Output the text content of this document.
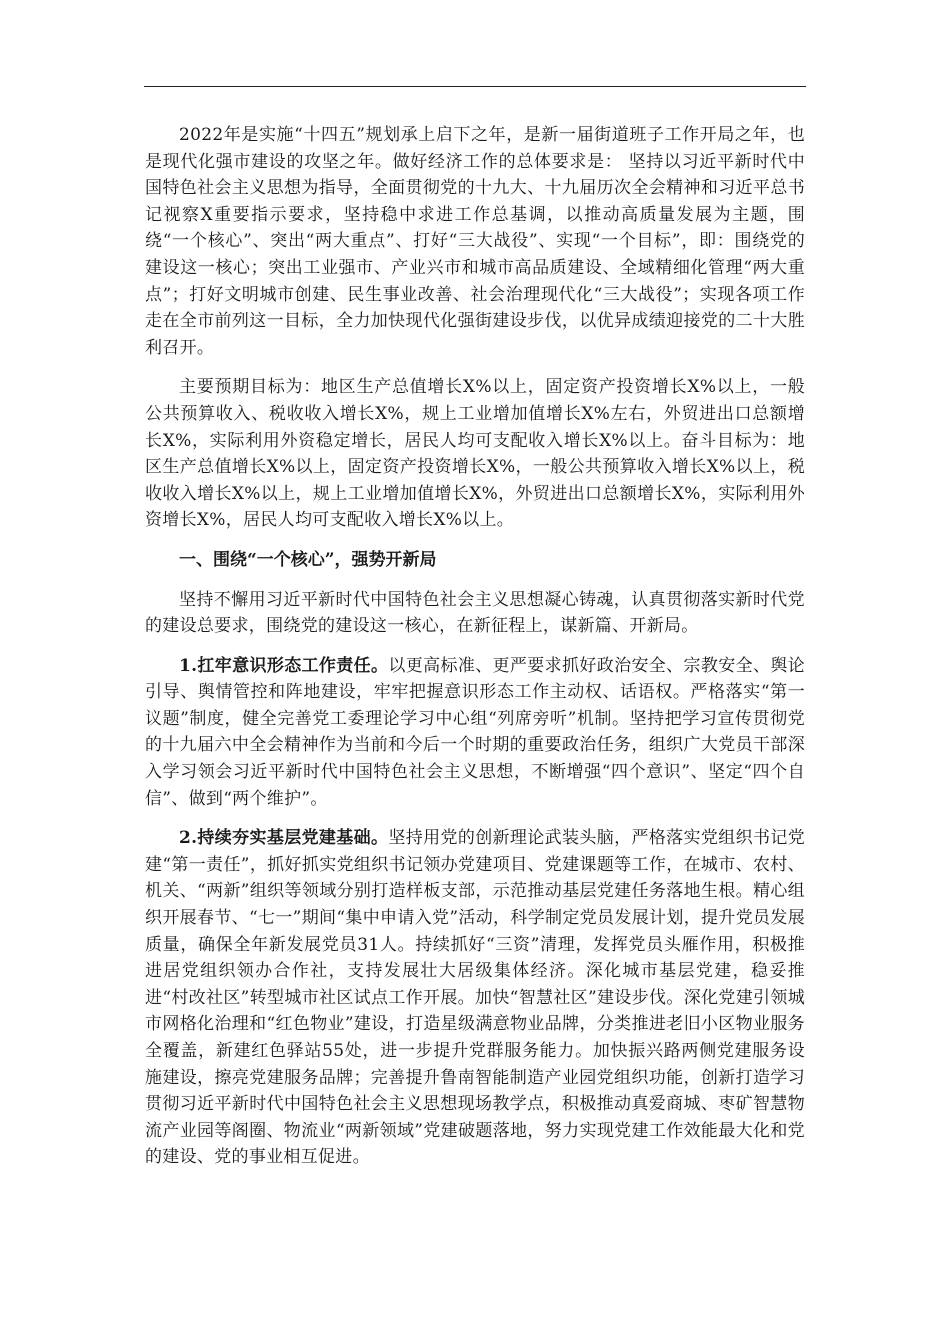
2022年是实施“十四五”规划承上启下之年，是新一届街道班子工作开局之年，也是现代化强市建设的攻坚之年。做好经济工作的总体要求是： 坚持以习近平新时代中国特色社会主义思想为指导，全面贯彻党的十九大、十九届历次全会精神和习近平总书记视察X重要指示要求，坚持稳中求进工作总基调，以推动高质量发展为主题，围绕“一个核心”、突出“两大重点”、打好“三大战役”、实现“一个目标”，即：围绕党的建设这一核心；突出工业强市、产业兴市和城市高品质建设、全域精细化管理“两大重点”；打好文明城市创建、民生事业改善、社会治理现代化“三大战役”；实现各项工作走在全市前列这一目标，全力加快现代化强街建设步伐，以优异成绩迎接党的二十大胜利召开。

主要预期目标为：地区生产总值增长X%以上，固定资产投资增长X%以上，一般公共预算收入、税收收入增长X%，规上工业增加值增长X%左右，外贸进出口总额增长X%，实际利用外资稳定增长，居民人均可支配收入增长X%以上。奋斗目标为：地区生产总值增长X%以上，固定资产投资增长X%，一般公共预算收入增长X%以上，税收收入增长X%以上，规上工业增加值增长X%，外贸进出口总额增长X%，实际利用外资增长X%，居民人均可支配收入增长X%以上。

一、围绕“一个核心”，强势开新局

坚持不懈用习近平新时代中国特色社会主义思想凝心铸魂，认真贯彻落实新时代党的建设总要求，围绕党的建设这一核心，在新征程上，谋新篇、开新局。

1.扛牢意识形态工作责任。以更高标准、更严要求抓好政治安全、宗教安全、舆论引导、舆情管控和阵地建设，牢牢把握意识形态工作主动权、话语权。严格落实“第一议题”制度，健全完善党工委理论学习中心组“列席旁听”机制。坚持把学习宣传贯彻党的十九届六中全会精神作为当前和今后一个时期的重要政治任务，组织广大党员干部深入学习领会习近平新时代中国特色社会主义思想，不断增强“四个意识”、坚定“四个自信”、做到“两个维护”。

2.持续夯实基层党建基础。坚持用党的创新理论武装头脑，严格落实党组织书记党建“第一责任”，抓好抓实党组织书记领办党建项目、党建课题等工作，在城市、农村、机关、“两新”组织等领域分别打造样板支部，示范推动基层党建任务落地生根。精心组织开展春节、“七一”期间“集中申请入党”活动，科学制定党员发展计划，提升党员发展质量，确保全年新发展党员31人。持续抓好“三资”清理，发挥党员头雁作用，积极推进居党组织领办合作社，支持发展壮大居级集体经济。深化城市基层党建，稳妥推进“村改社区”转型城市社区试点工作开展。加快“智慧社区”建设步伐。深化党建引领城市网格化治理和“红色物业”建设，打造星级满意物业品牌，分类推进老旧小区物业服务全覆盖，新建红色驿站55处，进一步提升党群服务能力。加快振兴路两侧党建服务设施建设，擦亮党建服务品牌；完善提升鲁南智能制造产业园党组织功能，创新打造学习贯彻习近平新时代中国特色社会主义思想现场教学点，积极推动真爱商城、枣矿智慧物流产业园等阁圈、物流业“两新领域”党建破题落地，努力实现党建工作效能最大化和党的建设、党的事业相互促进。
